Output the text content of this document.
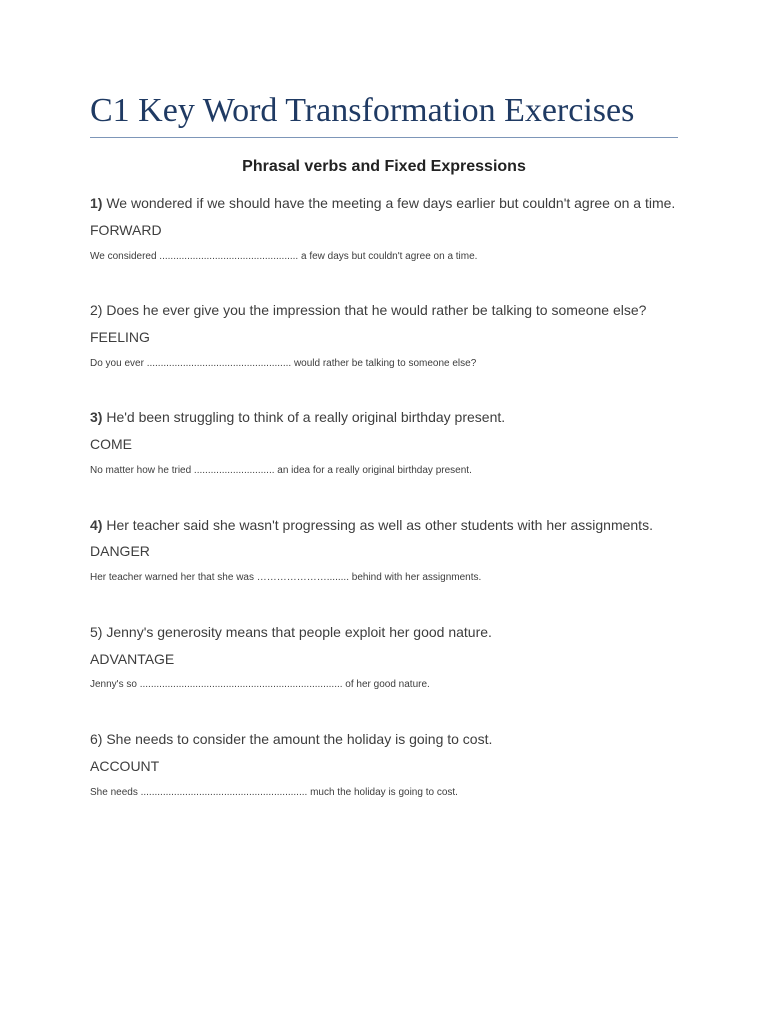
C1 Key Word Transformation Exercises
Phrasal verbs and Fixed Expressions

1) We wondered if we should have the meeting a few days earlier but couldn't agree on a time.

FORWARD

We considered .................................................. a few days but couldn't agree on a time.

2) Does he ever give you the impression that he would rather be talking to someone else?

FEELING

Do you ever .................................................... would rather be talking to someone else?

3) He'd been struggling to think of a really original birthday present.

COME

No matter how he tried ............................. an idea for a really original birthday present.

4) Her teacher said she wasn't progressing as well as other students with her assignments.

DANGER

Her teacher warned her that she was …………………........ behind with her assignments.

5) Jenny's generosity means that people exploit her good nature.

ADVANTAGE

Jenny's so ......................................................................... of her good nature.

6) She needs to consider the amount the holiday is going to cost.

ACCOUNT

She needs ............................................................ much the holiday is going to cost.
